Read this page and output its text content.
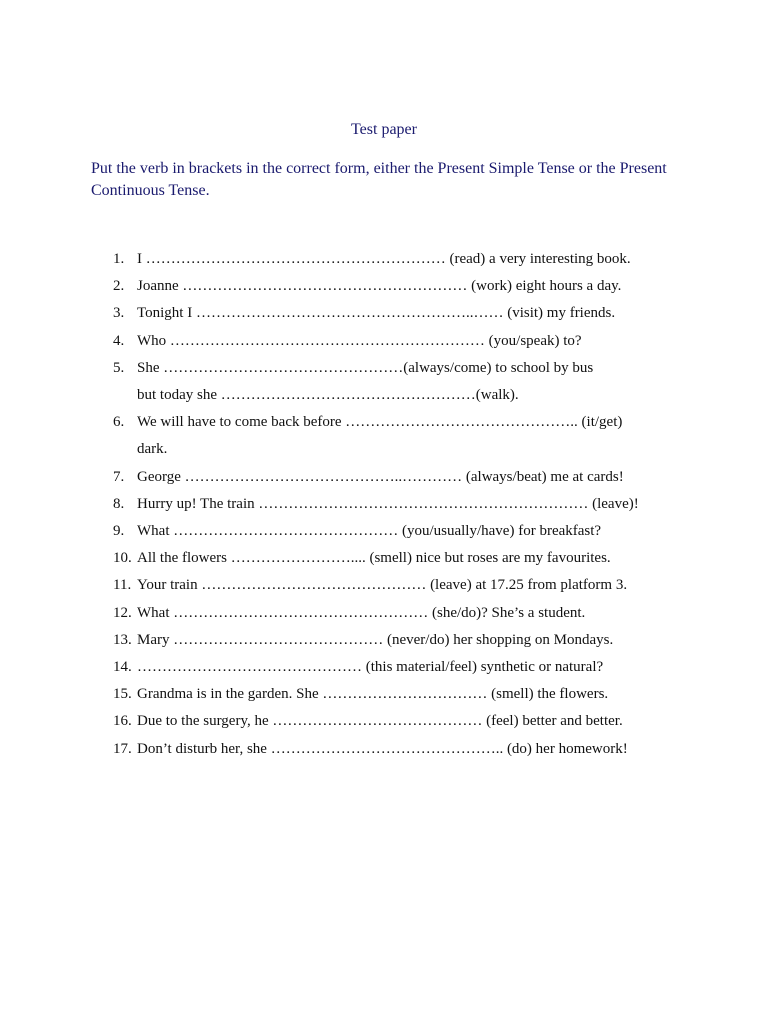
Test paper
Put the verb in brackets in the correct form, either the Present Simple Tense or the Present Continuous Tense.
1. I …………………………………………………… (read) a very interesting book.
2. Joanne ………………………………………………… (work) eight hours a day.
3. Tonight I ………………………………………………..…… (visit) my friends.
4. Who ……………………………………………………… (you/speak) to?
5. She …………………………………………(always/come) to school by bus
but today she ……………………………………………(walk).
6. We will have to come back before ……………………………………….. (it/get)
dark.
7. George ……………………………………..………… (always/beat) me at cards!
8. Hurry up! The train ………………………………………………………… (leave)!
9. What ……………………………………… (you/usually/have) for breakfast?
10. All the flowers …………………….... (smell) nice but roses are my favourites.
11. Your train ……………………………………… (leave) at 17.25 from platform 3.
12. What …………………………………………… (she/do)? She’s a student.
13. Mary …………………………………… (never/do) her shopping on Mondays.
14. ……………………………………… (this material/feel) synthetic or natural?
15. Grandma is in the garden. She …………………………… (smell) the flowers.
16. Due to the surgery, he …………………………………… (feel) better and better.
17. Don’t disturb her, she ……………………………………….. (do) her homework!
